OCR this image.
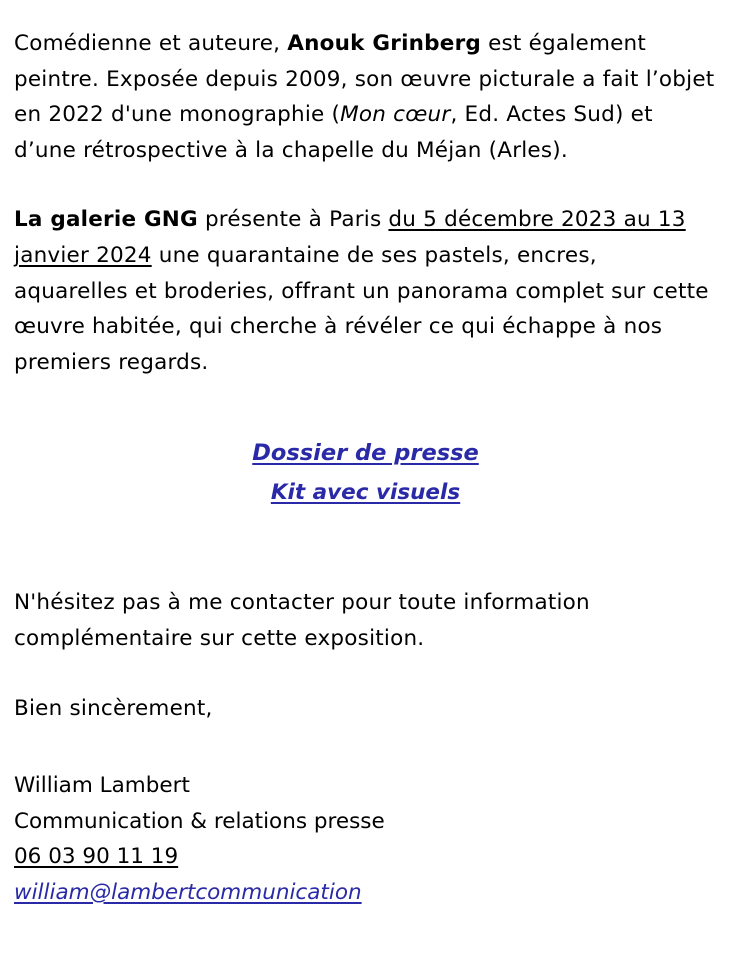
Comédienne et auteure, Anouk Grinberg est également peintre. Exposée depuis 2009, son œuvre picturale a fait l’objet en 2022 d'une monographie (Mon cœur, Ed. Actes Sud) et d’une rétrospective à la chapelle du Méjan (Arles).

La galerie GNG présente à Paris du 5 décembre 2023 au 13 janvier 2024 une quarantaine de ses pastels, encres, aquarelles et broderies, offrant un panorama complet sur cette œuvre habitée, qui cherche à révéler ce qui échappe à nos premiers regards.

Dossier de presse

Kit avec visuels

N'hésitez pas à me contacter pour toute information complémentaire sur cette exposition.

Bien sincèrement,

William Lambert

Communication & relations presse

06 03 90 11 19

william@lambertcommunication
